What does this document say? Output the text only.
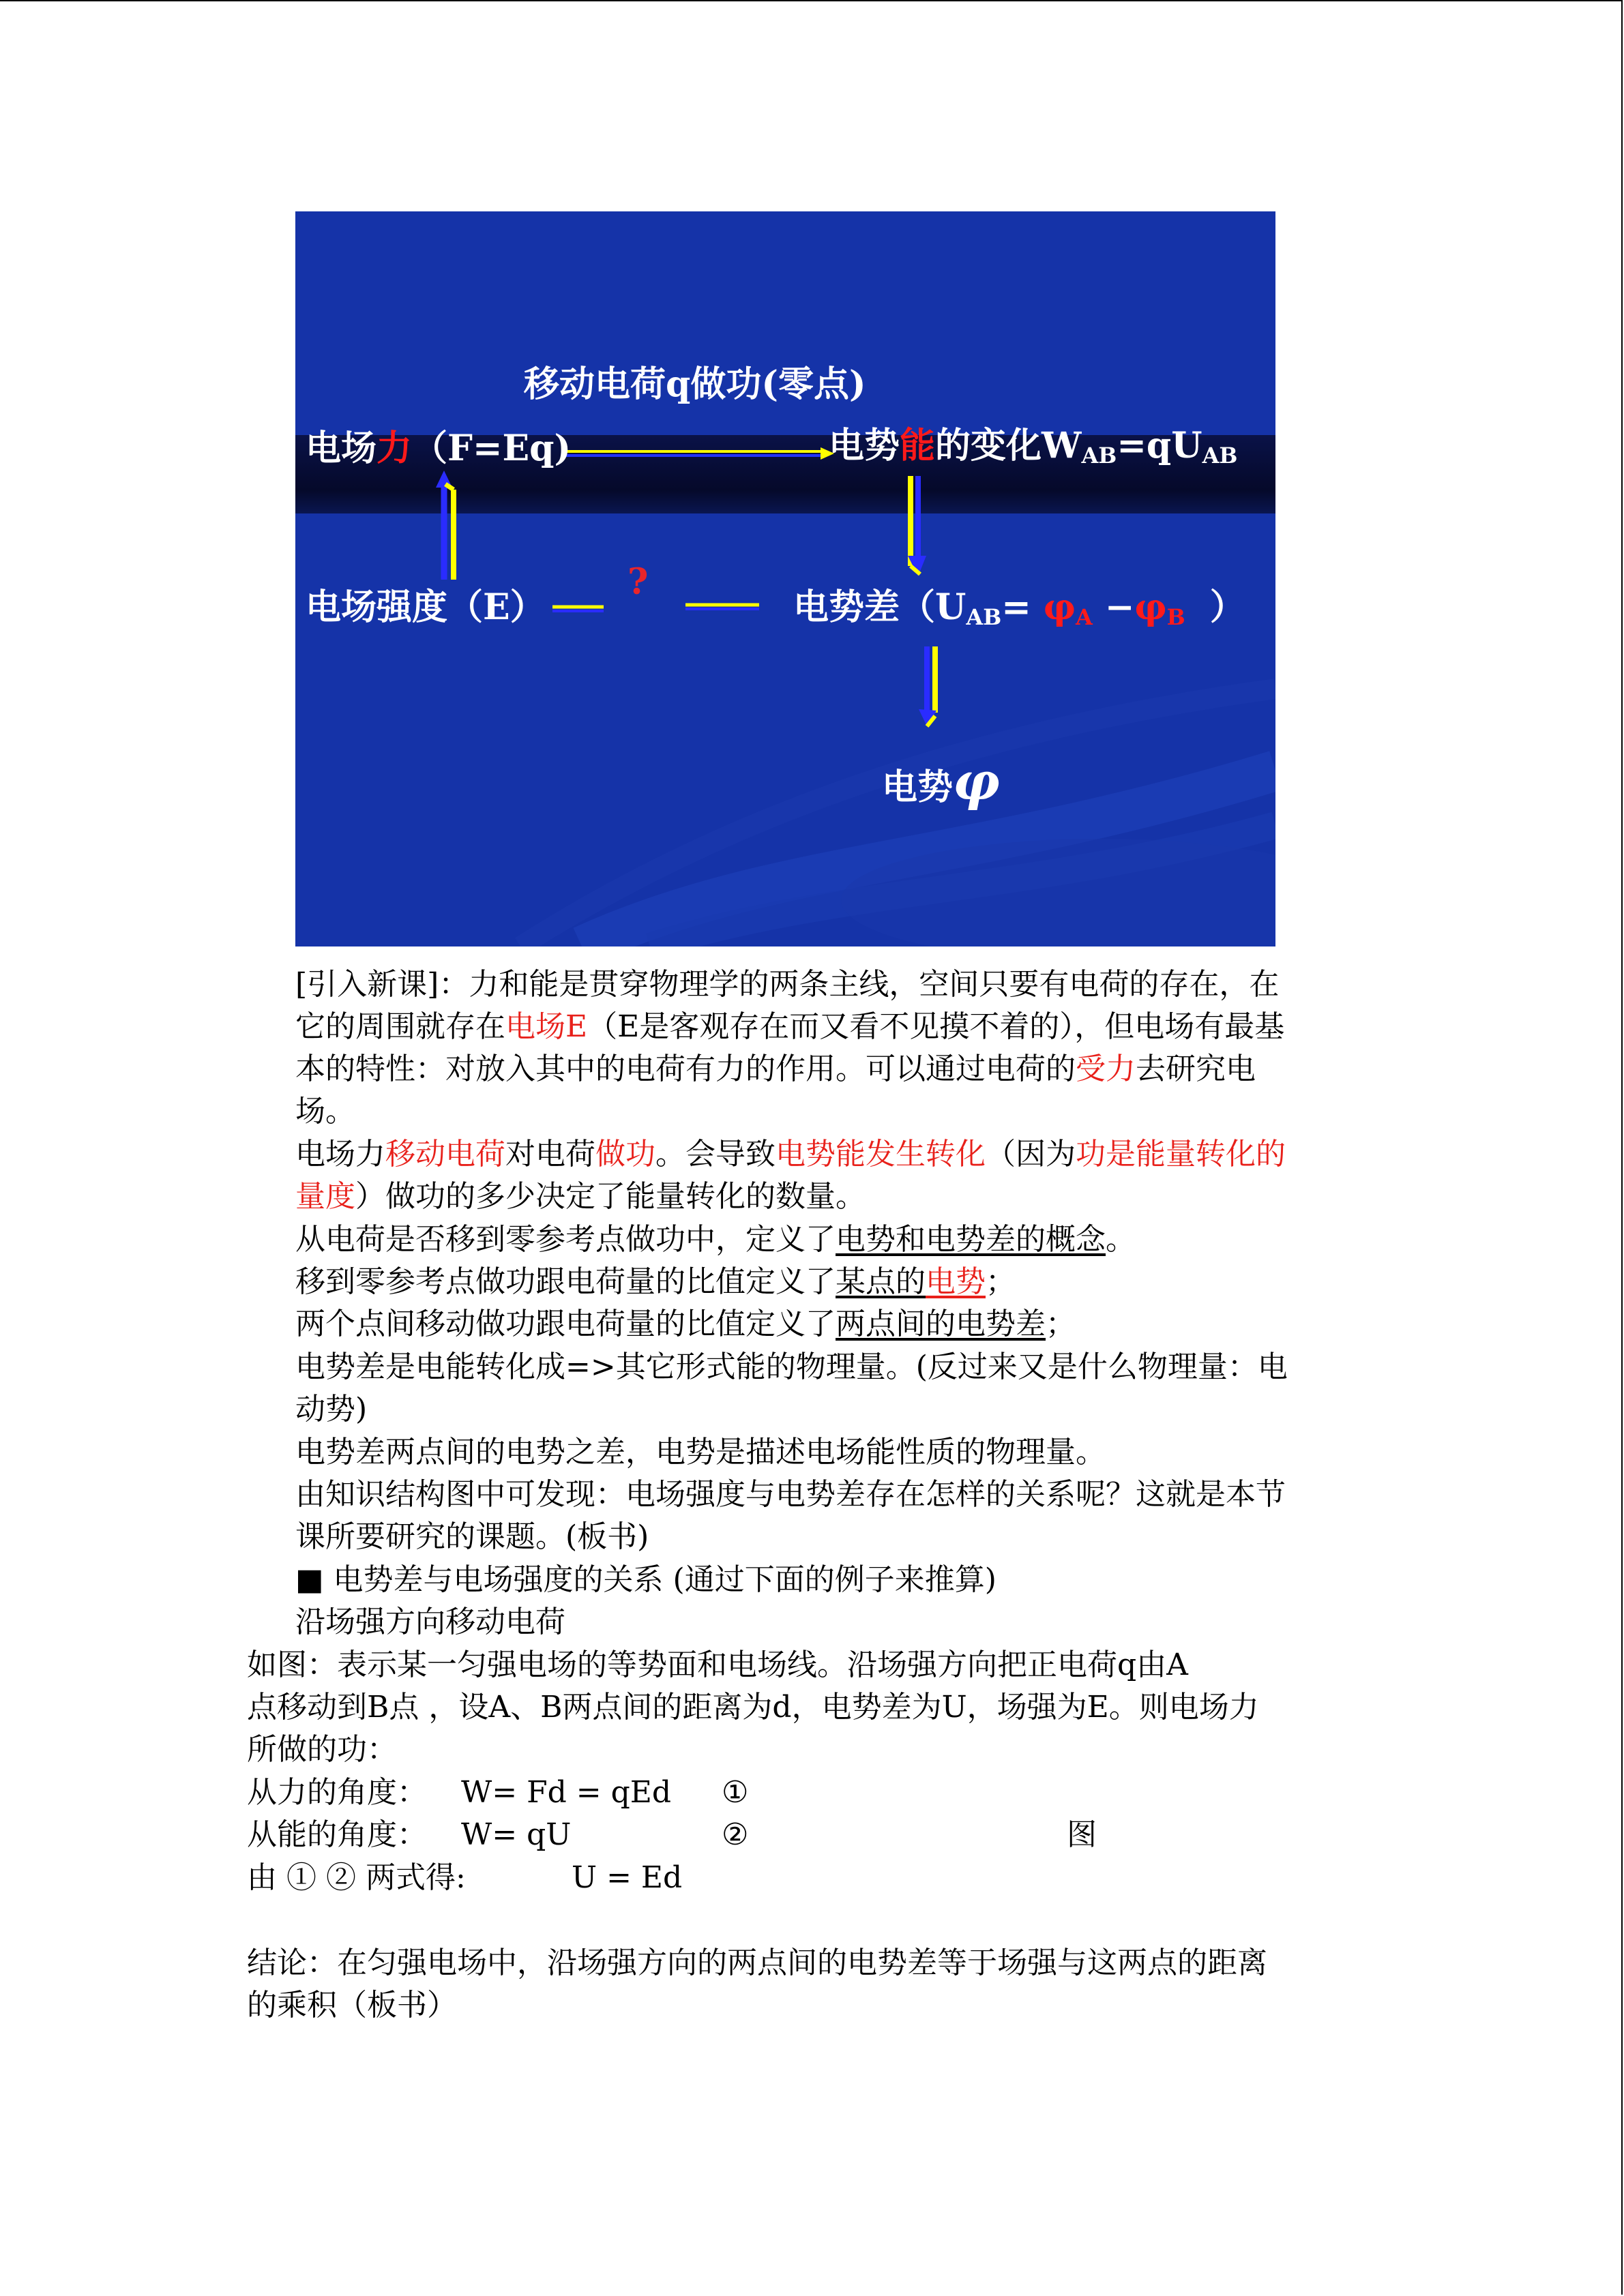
移动电荷q做功(零点)
电场力（F=Eq)	电势能的变化$W_{AB}=qU_{AB}$
电场强度（E）
?
电势差（$U_{AB}= \varphi_A -\varphi_B$ ）
电势φ
[引入新课]：力和能是贯穿物理学的两条主线，空间只要有电荷的存在，在
它的周围就存在电场E（E是客观存在而又看不见摸不着的），但电场有最基
本的特性：对放入其中的电荷有力的作用。可以通过电荷的受力去研究电
场。
电场力移动电荷对电荷做功。会导致电势能发生转化（因为功是能量转化的
量度）做功的多少决定了能量转化的数量。
从电荷是否移到零参考点做功中，定义了电势和电势差的概念。
移到零参考点做功跟电荷量的比值定义了某点的电势；
两个点间移动做功跟电荷量的比值定义了两点间的电势差；
电势差是电能转化成=>其它形式能的物理量。(反过来又是什么物理量：电
动势)
电势差两点间的电势之差，电势是描述电场能性质的物理量。
由知识结构图中可发现：电场强度与电势差存在怎样的关系呢？这就是本节
课所要研究的课题。(板书)
■ 电势差与电场强度的关系 (通过下面的例子来推算)
沿场强方向移动电荷
如图：表示某一匀强电场的等势面和电场线。沿场强方向把正电荷q由A
点移动到B点 ，设A、B两点间的距离为d，电势差为U，场强为E。则电场力
所做的功：
从力的角度： W= Fd = qEd ①
从能的角度： W= qU	②	图
由 ① ② 两式得:	U = Ed
结论：在匀强电场中，沿场强方向的两点间的电势差等于场强与这两点的距离
的乘积（板书）
